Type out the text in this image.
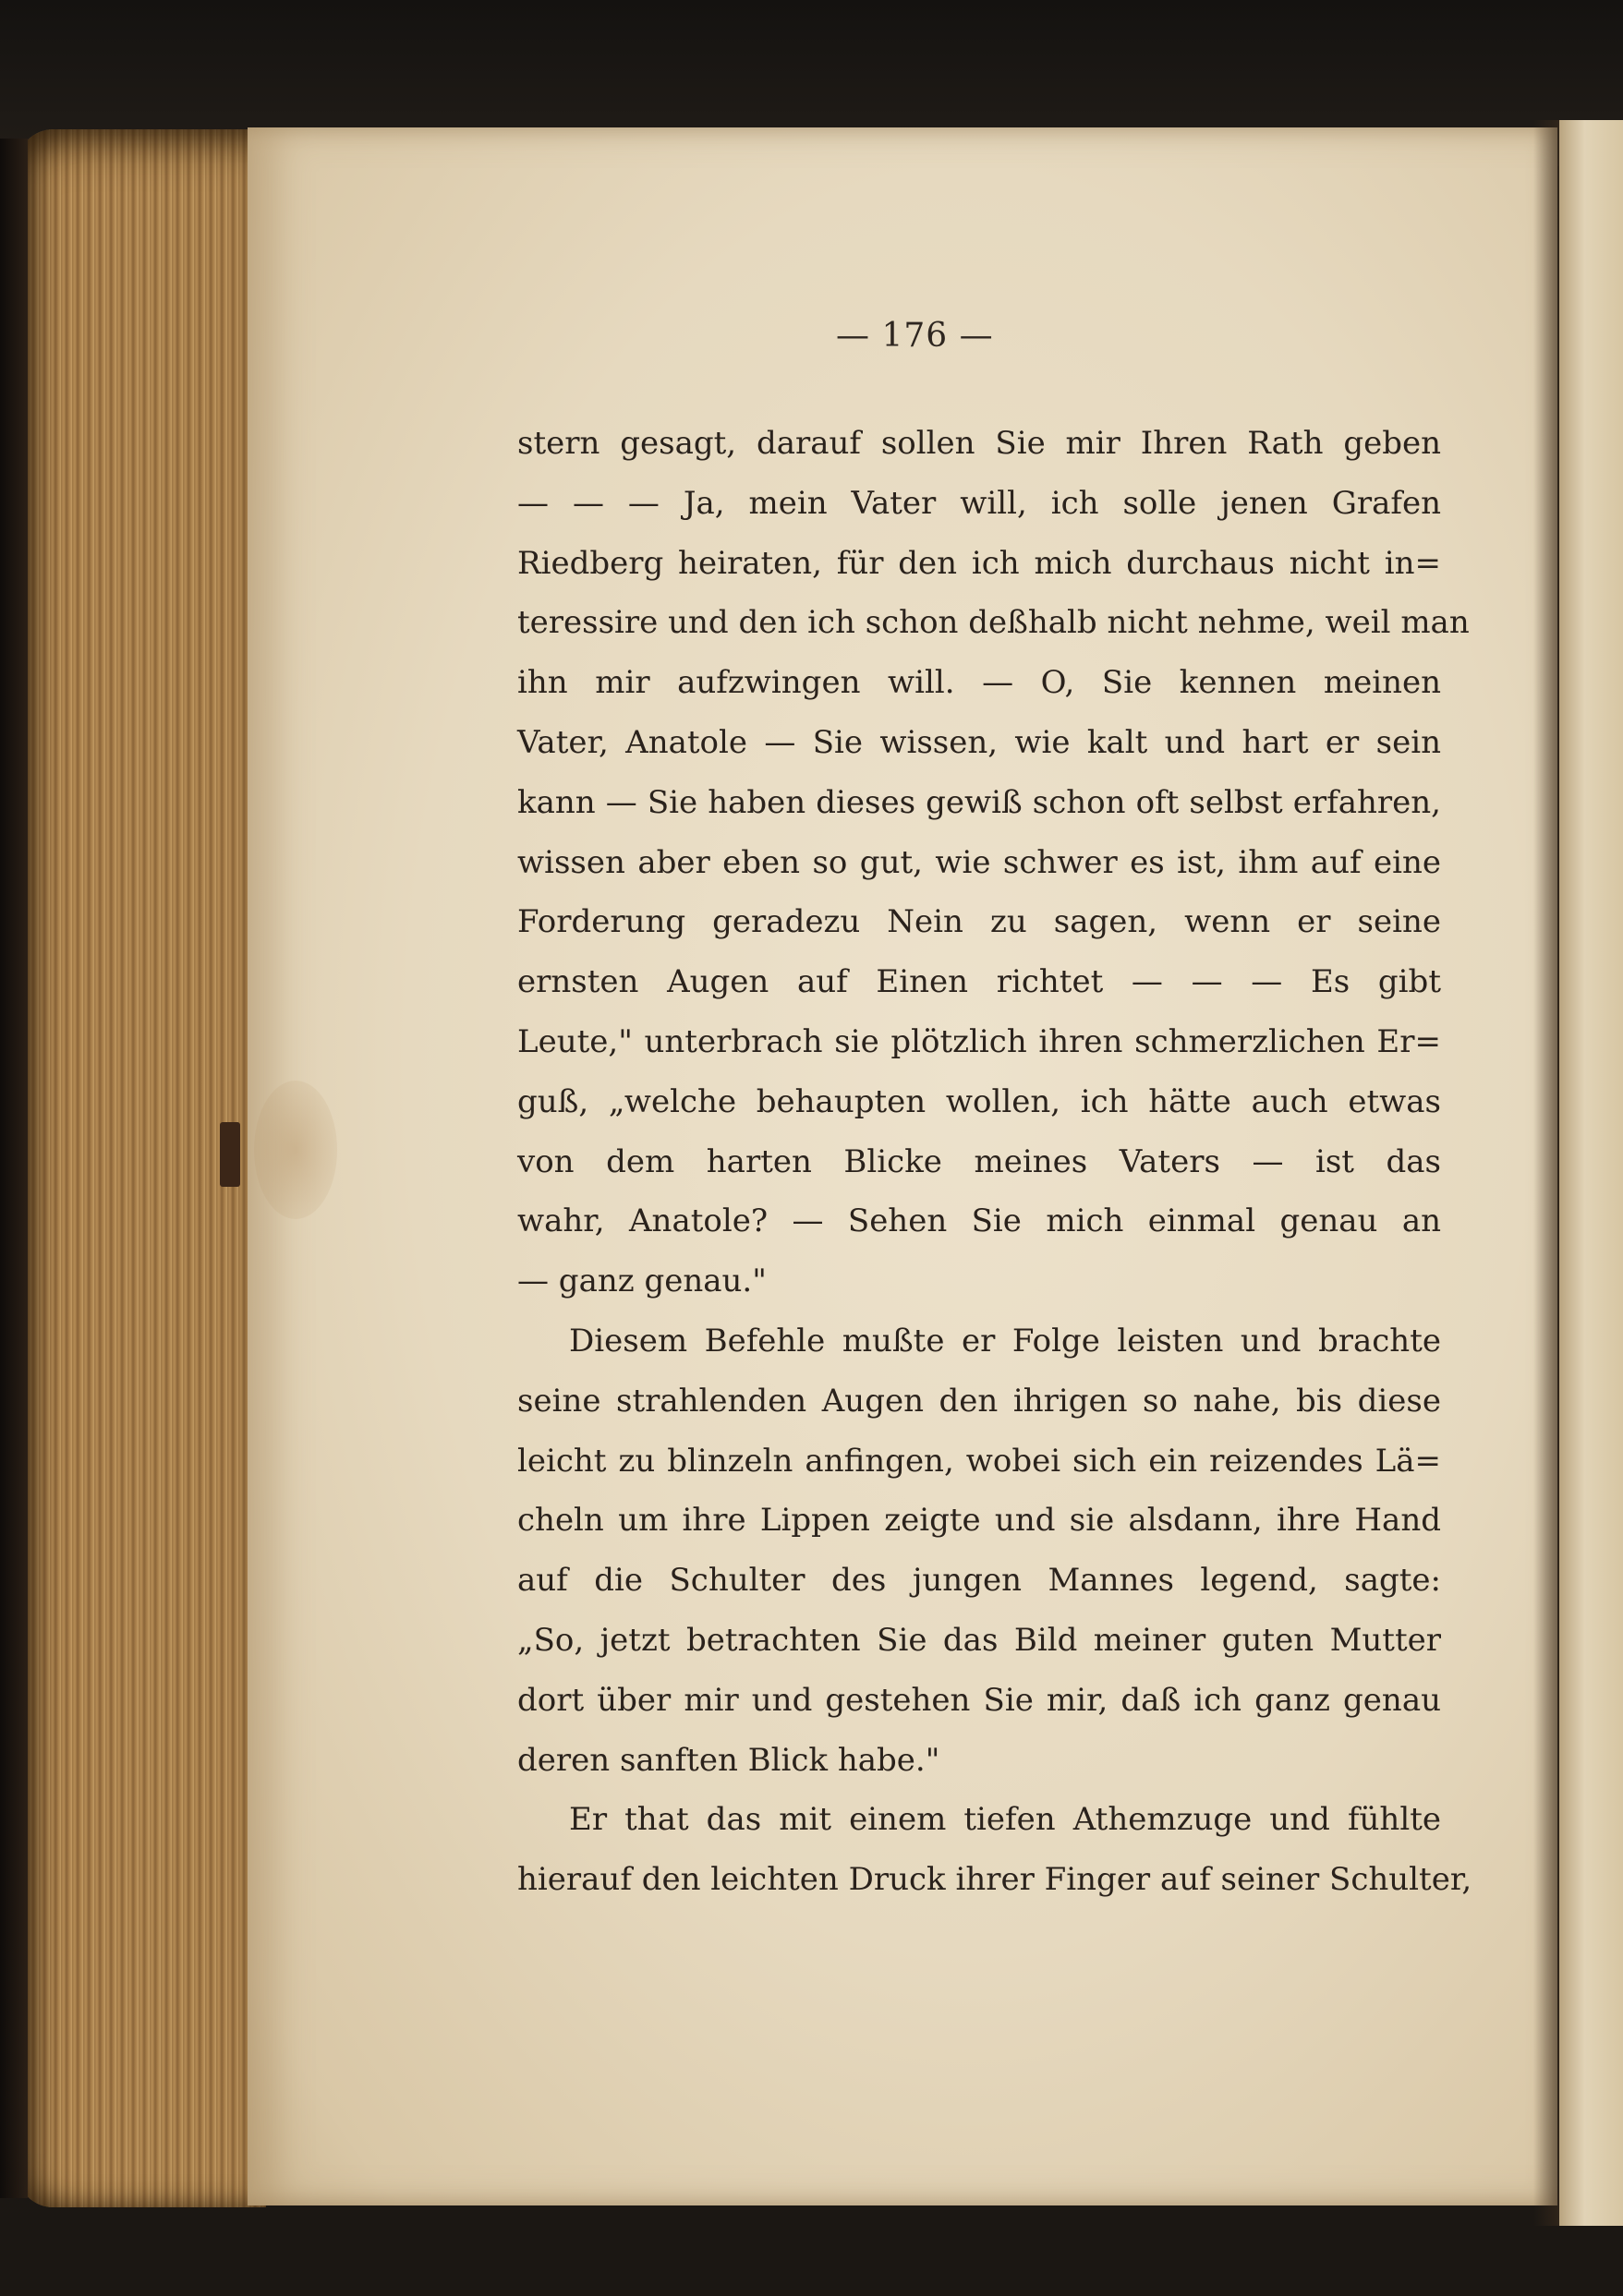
— 176 —
stern gesagt, darauf sollen Sie mir Ihren Rath geben
— — — Ja, mein Vater will, ich solle jenen Grafen
Riedberg heiraten, für den ich mich durchaus nicht in=
teressire und den ich schon deßhalb nicht nehme, weil man
ihn mir aufzwingen will. — O, Sie kennen meinen
Vater, Anatole — Sie wissen, wie kalt und hart er sein
kann — Sie haben dieses gewiß schon oft selbst erfahren,
wissen aber eben so gut, wie schwer es ist, ihm auf eine
Forderung geradezu Nein zu sagen, wenn er seine
ernsten Augen auf Einen richtet — — — Es gibt
Leute," unterbrach sie plötzlich ihren schmerzlichen Er=
guß, „welche behaupten wollen, ich hätte auch etwas
von dem harten Blicke meines Vaters — ist das
wahr, Anatole? — Sehen Sie mich einmal genau an
— ganz genau."
Diesem Befehle mußte er Folge leisten und brachte
seine strahlenden Augen den ihrigen so nahe, bis diese
leicht zu blinzeln anfingen, wobei sich ein reizendes Lä=
cheln um ihre Lippen zeigte und sie alsdann, ihre Hand
auf die Schulter des jungen Mannes legend, sagte:
„So, jetzt betrachten Sie das Bild meiner guten Mutter
dort über mir und gestehen Sie mir, daß ich ganz genau
deren sanften Blick habe."
Er that das mit einem tiefen Athemzuge und fühlte
hierauf den leichten Druck ihrer Finger auf seiner Schulter,
